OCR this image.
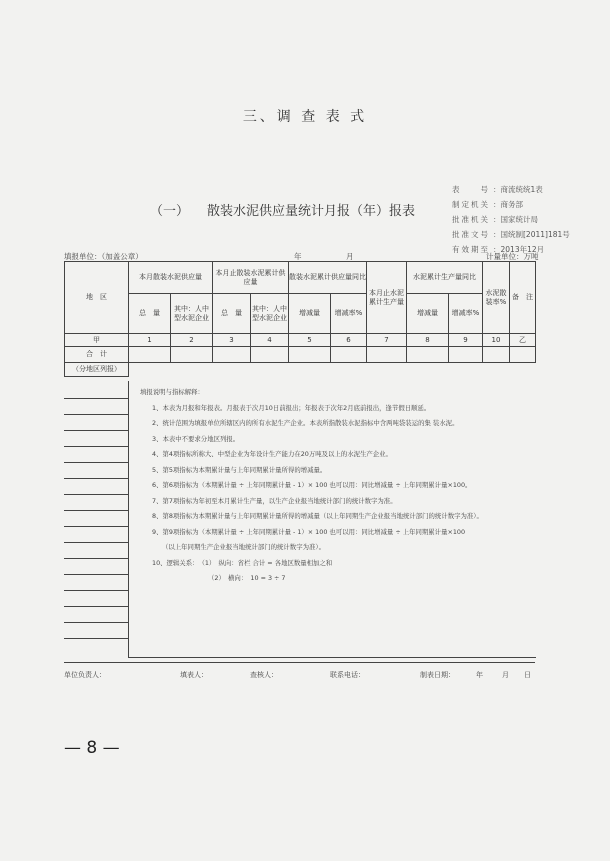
三、调 查 表 式
（一） 散装水泥供应量统计月报（年）报表
表号 ： 商流统统1表
制定机关 ： 商务部
批准机关 ： 国家统计局
批准文号 ： 国统制[2011]181号
有效期至 ： 2013年12月
填报单位：（加盖公章）	年	月	计量单位：万吨
地　区	本月散装水泥供应量		本月止散装水泥累计供应量		散装水泥累计供应量同比		本月止水泥累计生产量	水泥累计生产量同比		水泥散装率%	备　注
	总　量	其中：人中型水泥企业	总　量	其中：人中型水泥企业	增减量	增减率%		增减量	增减率%		
甲	1	2	3	4	5	6	7	8	9	10	乙
合　计											
（分地区列报）											
填报说明与指标解释：
1、本表为月报和年报表。月报表于次月10日前报出；年报表于次年2月底前报出，逢节假日顺延。
2、统计范围为填报单位所辖区内的所有水泥生产企业。本表所指散装水泥指标中含两吨袋装运的集 装水泥。
3、本表中不要求分地区列报。
4、第4项指标所称大、中型企业为年设计生产能力在20万吨及以上的水泥生产企业。
5、第5项指标为本期累计量与上年同期累计量所得的增减量。
6、第6项指标为（本期累计量 ÷ 上年同期累计量 - 1）× 100 也可以用：同比增减量 ÷ 上年同期累计量×100。
7、第7项指标为年初至本月累计生产量，以生产企业报当地统计部门的统计数字为准。
8、第8项指标为本期累计量与上年同期累计量所得的增减量（以上年同期生产企业报当地统计部门的统计数字为准）。
9、第9项指标为（本期累计量 ÷ 上年同期累计量 - 1）× 100 也可以用：同比增减量 ÷ 上年同期累计量×100
（以上年同期生产企业报当地统计部门的统计数字为准）。
10、逻辑关系：　（1）　纵向：省栏 合计 = 各地区数量相加之和
（2）　横向：　10 = 3 ÷ 7
单位负责人：	填表人：	查核人：	联系电话：	制表日期：	年	月 日
— 8 —
